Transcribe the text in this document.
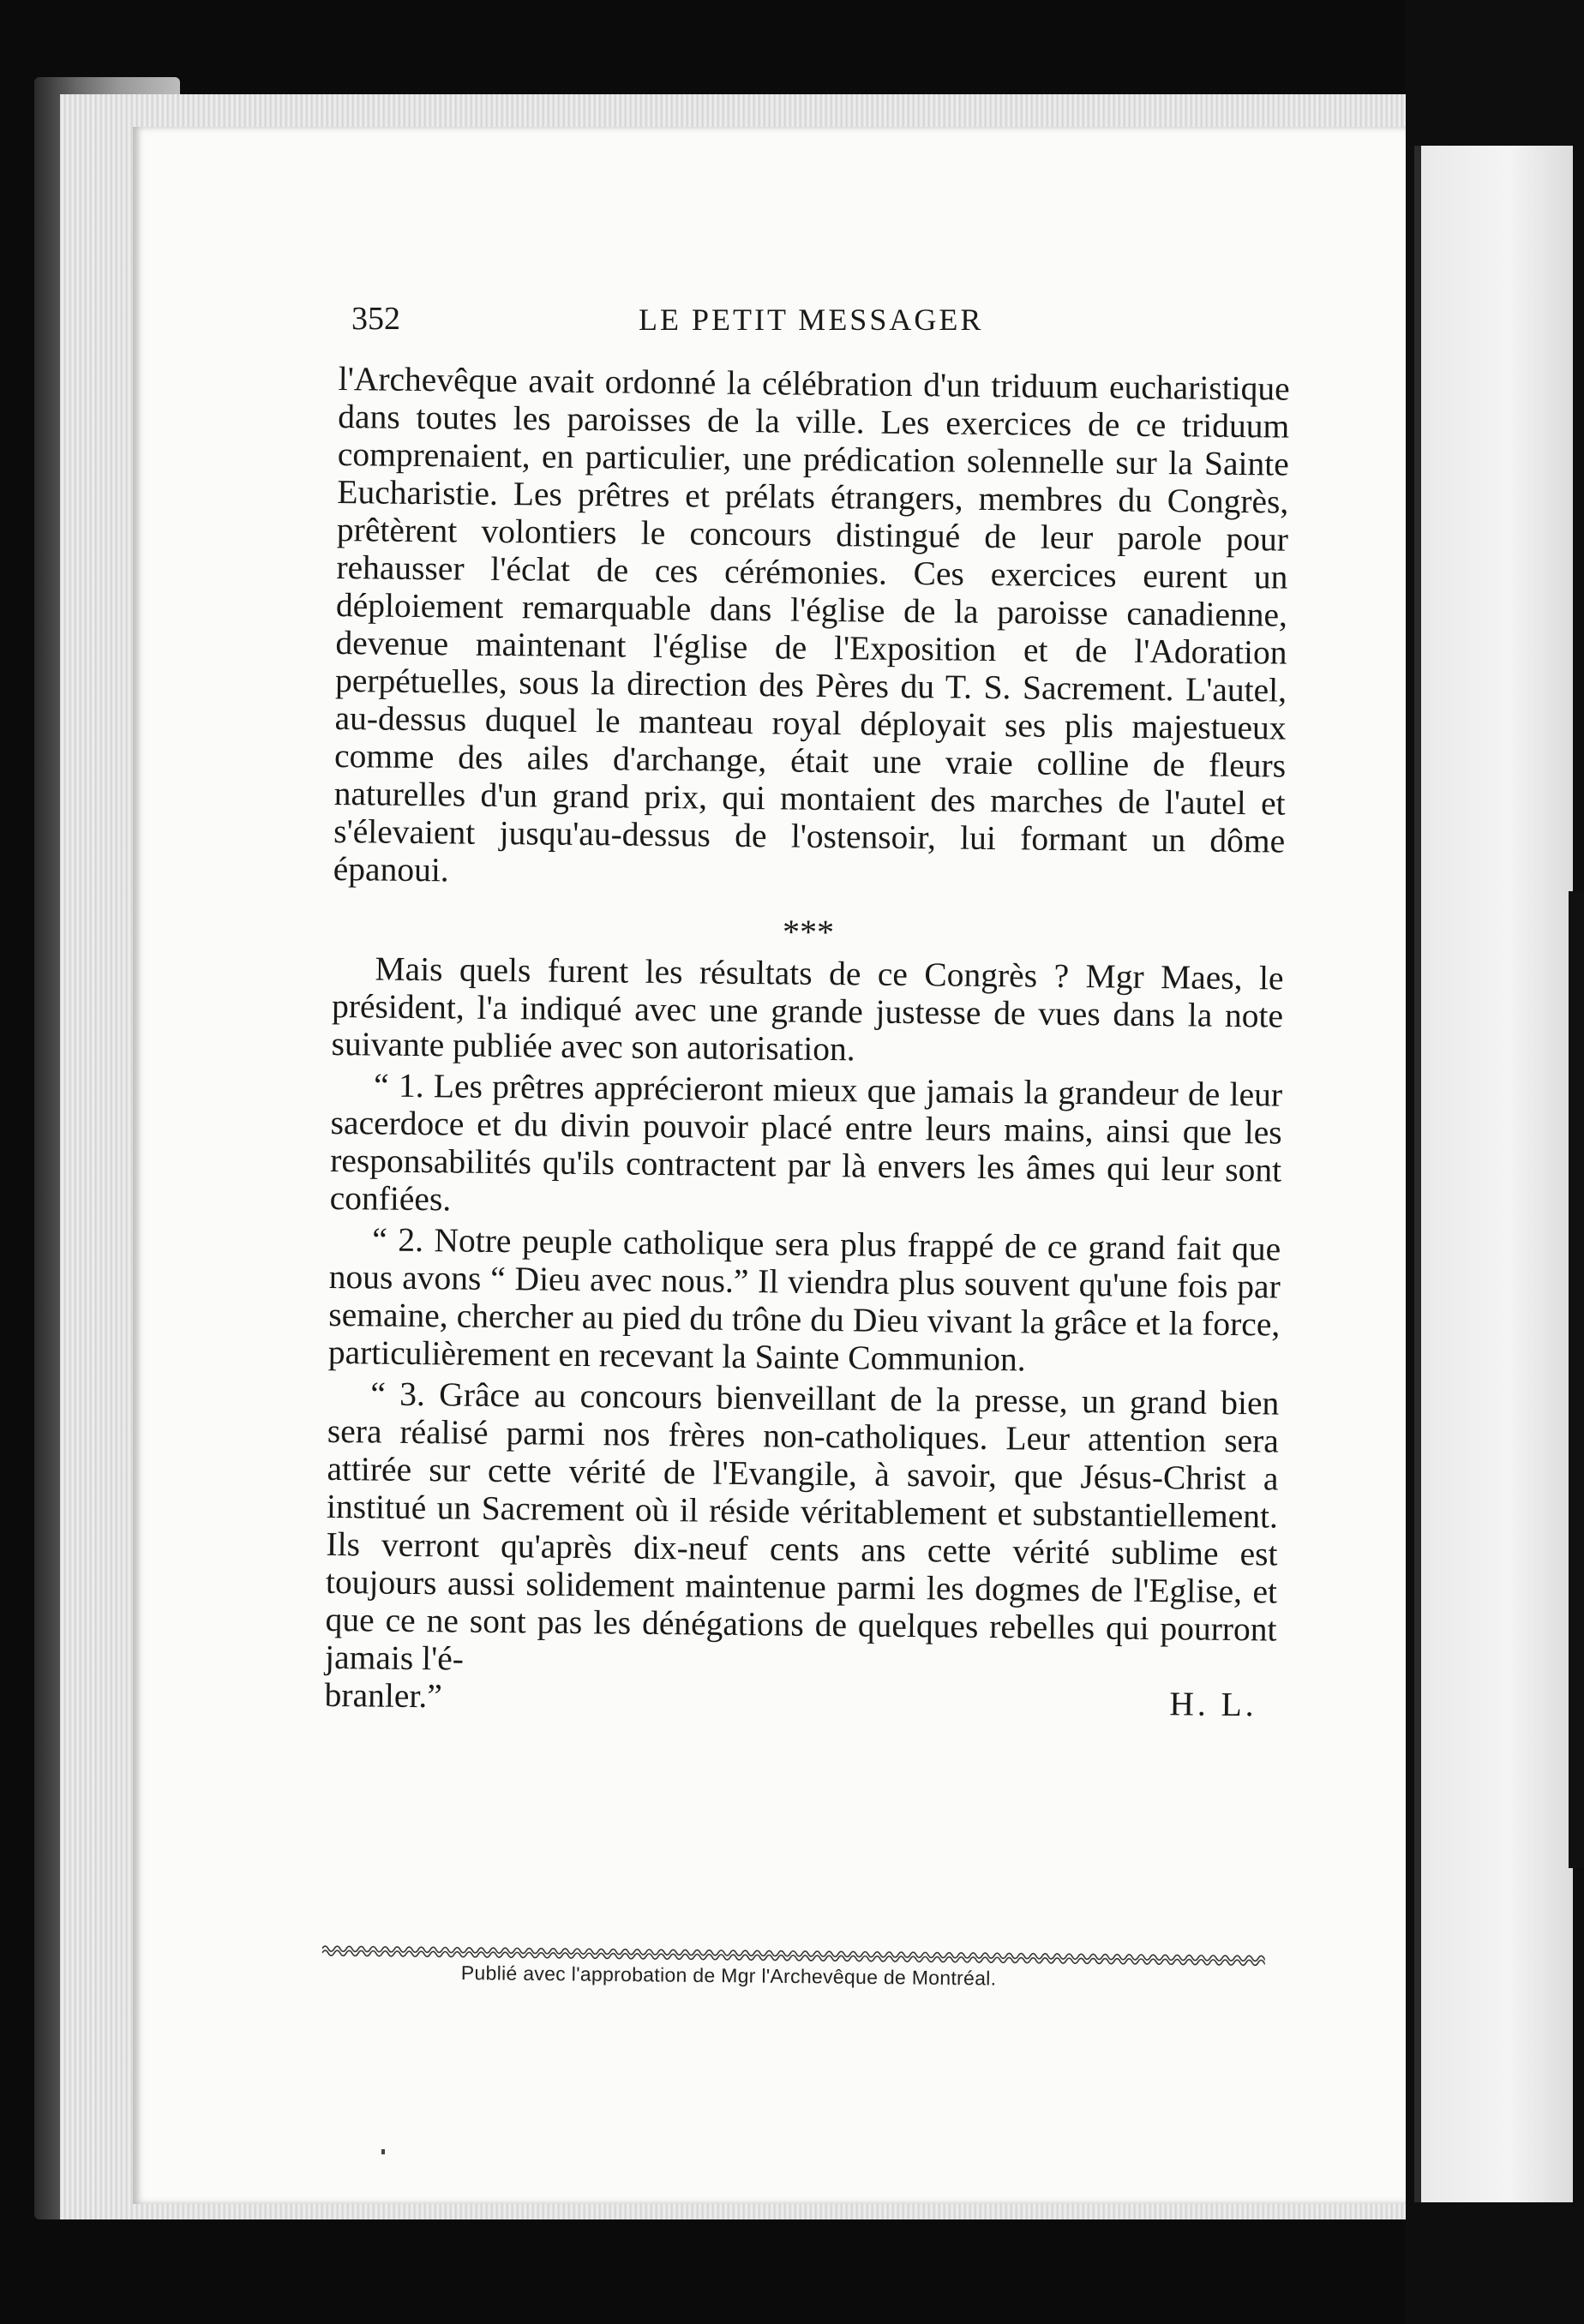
352	LE PETIT MESSAGER

l'Archevêque avait ordonné la célébration d'un triduum eucharistique dans toutes les paroisses de la ville. Les exercices de ce triduum comprenaient, en particulier, une prédication solennelle sur la Sainte Eucharistie. Les prêtres et prélats étrangers, membres du Congrès, prêtèrent volontiers le concours distingué de leur parole pour rehausser l'éclat de ces cérémonies. Ces exercices eurent un déploiement remarquable dans l'église de la paroisse canadienne, devenue maintenant l'église de l'Exposition et de l'Adoration perpétuelles, sous la direction des Pères du T. S. Sacrement. L'autel, au-dessus duquel le manteau royal déployait ses plis majestueux comme des ailes d'archange, était une vraie colline de fleurs naturelles d'un grand prix, qui montaient des marches de l'autel et s'élevaient jusqu'au-dessus de l'ostensoir, lui formant un dôme épanoui.

***

Mais quels furent les résultats de ce Congrès ? Mgr Maes, le président, l'a indiqué avec une grande justesse de vues dans la note suivante publiée avec son autorisation.

“ 1. Les prêtres apprécieront mieux que jamais la grandeur de leur sacerdoce et du divin pouvoir placé entre leurs mains, ainsi que les responsabilités qu'ils contractent par là envers les âmes qui leur sont confiées.

“ 2. Notre peuple catholique sera plus frappé de ce grand fait que nous avons “ Dieu avec nous.” Il viendra plus souvent qu'une fois par semaine, chercher au pied du trône du Dieu vivant la grâce et la force, particulièrement en recevant la Sainte Communion.

“ 3. Grâce au concours bienveillant de la presse, un grand bien sera réalisé parmi nos frères non-catholiques. Leur attention sera attirée sur cette vérité de l'Evangile, à savoir, que Jésus-Christ a institué un Sacrement où il réside véritablement et substantiellement. Ils verront qu'après dix-neuf cents ans cette vérité sublime est toujours aussi solidement maintenue parmi les dogmes de l'Eglise, et que ce ne sont pas les dénégations de quelques rebelles qui pourront jamais l'é-

branler.”	H. L.
Publié avec l'approbation de Mgr l'Archevêque de Montréal.
